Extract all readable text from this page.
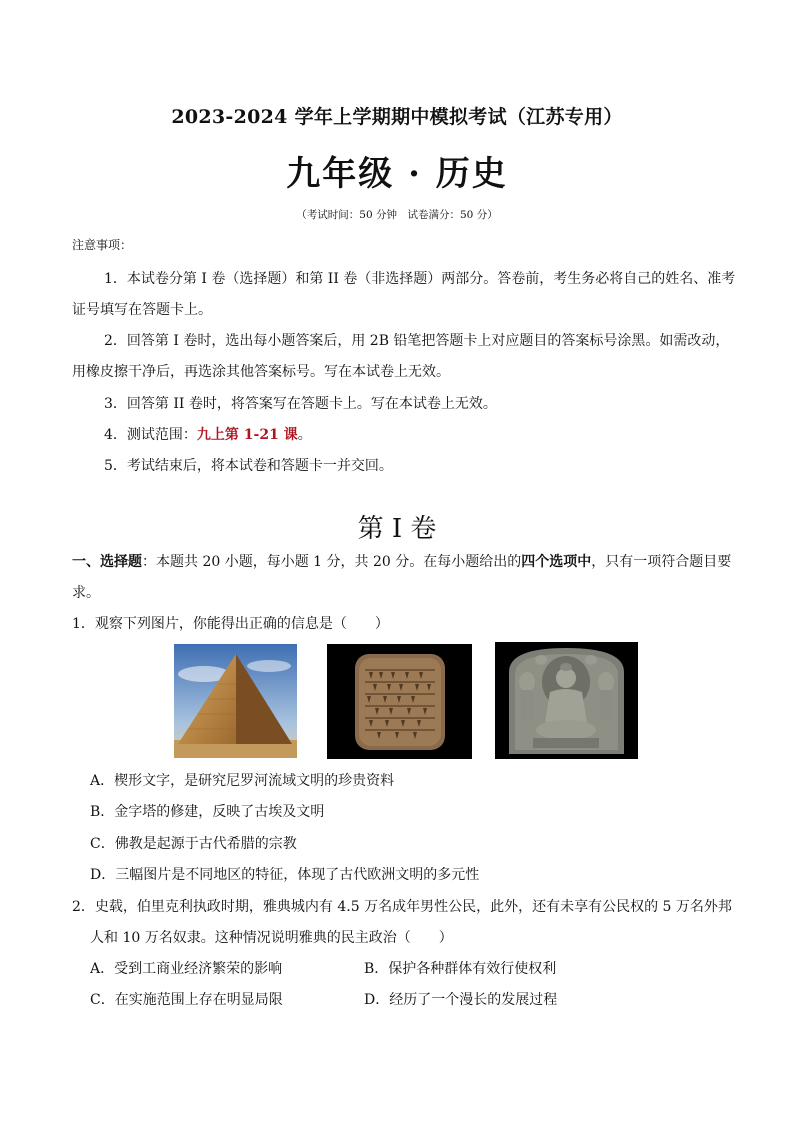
2023-2024 学年上学期期中模拟考试（江苏专用）
九年级 · 历史
（考试时间：50 分钟　试卷满分：50 分）
注意事项：
1．本试卷分第 I 卷（选择题）和第 II 卷（非选择题）两部分。答卷前，考生务必将自己的姓名、准考
证号填写在答题卡上。
2．回答第 I 卷时，选出每小题答案后，用 2B 铅笔把答题卡上对应题目的答案标号涂黑。如需改动，
用橡皮擦干净后，再选涂其他答案标号。写在本试卷上无效。
3．回答第 II 卷时，将答案写在答题卡上。写在本试卷上无效。
4．测试范围：九上第 1-21 课。
5．考试结束后，将本试卷和答题卡一并交回。
第 I 卷
一、选择题：本题共 20 小题，每小题 1 分，共 20 分。在每小题给出的四个选项中，只有一项符合题目要
求。
1．观察下列图片，你能得出正确的信息是（　　）
A．楔形文字，是研究尼罗河流域文明的珍贵资料
B．金字塔的修建，反映了古埃及文明
C．佛教是起源于古代希腊的宗教
D．三幅图片是不同地区的特征，体现了古代欧洲文明的多元性
2．史载，伯里克利执政时期，雅典城内有 4.5 万名成年男性公民，此外，还有未享有公民权的 5 万名外邦
人和 10 万名奴隶。这种情况说明雅典的民主政治（　　）
A．受到工商业经济繁荣的影响	B．保护各种群体有效行使权利
C．在实施范围上存在明显局限	D．经历了一个漫长的发展过程
